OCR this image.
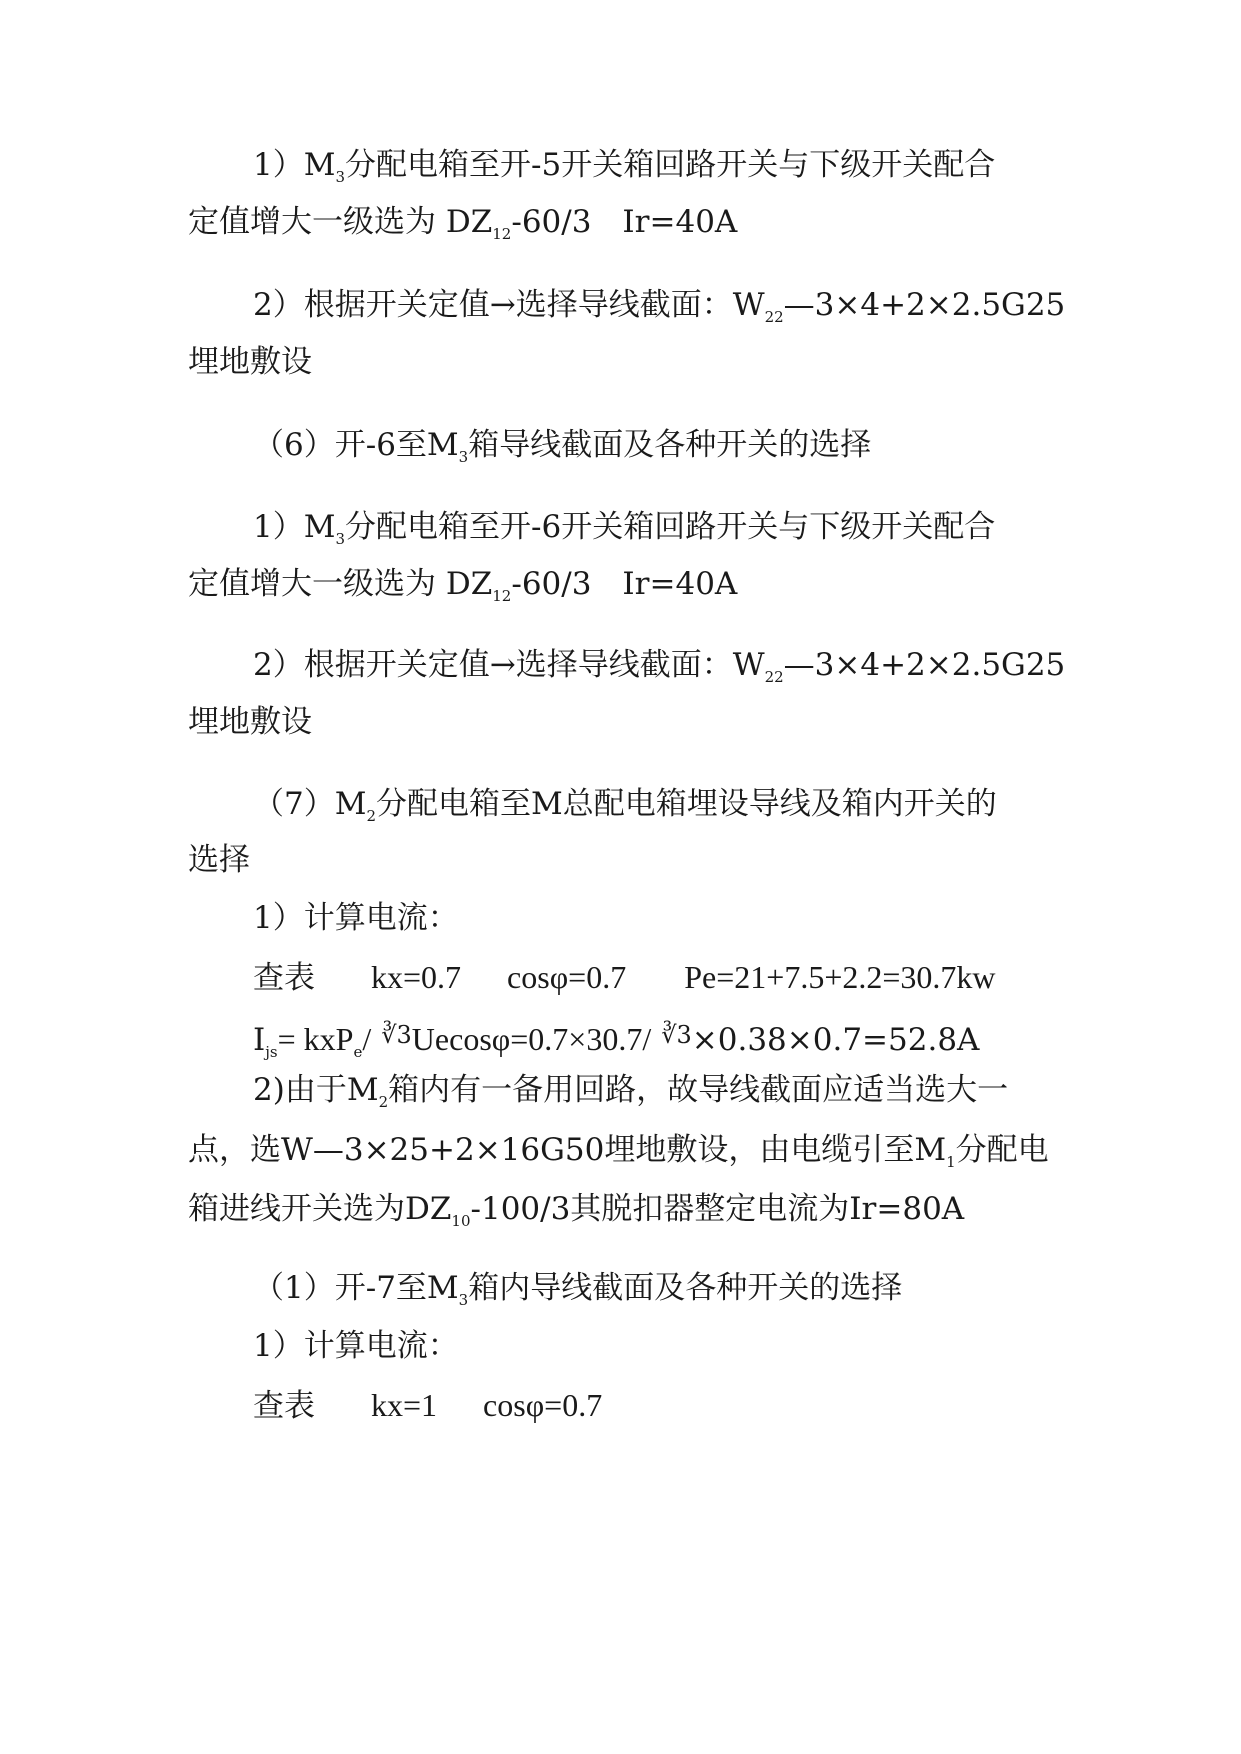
$1)M_3$分配电箱至开-5开关箱回路开关与下级开关配合
定值增大一级选为 $DZ_{12}-60/3$　Ir=40A
2）根据开关定值→选择导线截面：$W_{22}—3\times 4+2\times 2.5G25$
埋地敷设
（6）开-6至$M_3$箱导线截面及各种开关的选择
$1)M_3$分配电箱至开-6开关箱回路开关与下级开关配合
定值增大一级选为 $DZ_{12}-60/3$　Ir=40A
2）根据开关定值→选择导线截面：$W_{22}—3\times 4+2\times 2.5G25$
埋地敷设
$(7)M_2$分配电箱至M总配电箱埋设导线及箱内开关的
选择
1）计算电流：
查表 kx=0.7 cosφ=0.7 Pe=21+7.5+2.2=30.7kw
$I_{js}= kxP_e/$ $^{∛3}$Uecosφ=0.7×30.7/ $^{∛3}$×0.38×0.7=52.8A
2)由于$M_2$箱内有一备用回路，故导线截面应适当选大一
点，选W—3×25+2×16G50埋地敷设，由电缆引至$M_1$分配电
箱进线开关选为$DZ_{10}-100/3$其脱扣器整定电流为Ir=80A
（1）开-7至$M_3$箱内导线截面及各种开关的选择
1）计算电流：
查表 kx=1 cosφ=0.7
